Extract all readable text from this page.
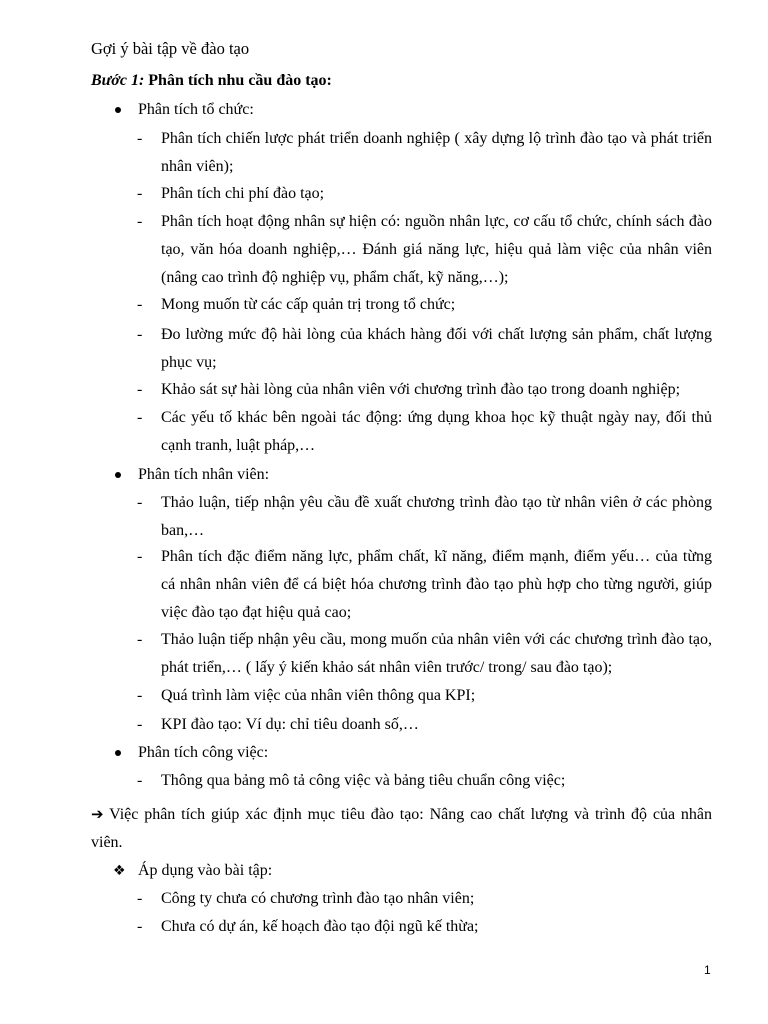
Gợi ý bài tập về đào tạo
Bước 1: Phân tích nhu cầu đào tạo:
Phân tích tổ chức:
- Phân tích chiến lược phát triển doanh nghiệp ( xây dựng lộ trình đào tạo và phát triển nhân viên);
- Phân tích chi phí đào tạo;
- Phân tích hoạt động nhân sự hiện có: nguồn nhân lực, cơ cấu tổ chức, chính sách đào tạo, văn hóa doanh nghiệp,… Đánh giá năng lực, hiệu quả làm việc của nhân viên (nâng cao trình độ nghiệp vụ, phẩm chất, kỹ năng,…);
- Mong muốn từ các cấp quản trị trong tổ chức;
- Đo lường mức độ hài lòng của khách hàng đối với chất lượng sản phẩm, chất lượng phục vụ;
- Khảo sát sự hài lòng của nhân viên với chương trình đào tạo trong doanh nghiệp;
- Các yếu tố khác bên ngoài tác động: ứng dụng khoa học kỹ thuật ngày nay, đối thủ cạnh tranh, luật pháp,…
Phân tích nhân viên:
- Thảo luận, tiếp nhận yêu cầu đề xuất chương trình đào tạo từ nhân viên ở các phòng ban,…
- Phân tích đặc điểm năng lực, phẩm chất, kĩ năng, điểm mạnh, điểm yếu… của từng cá nhân nhân viên để cá biệt hóa chương trình đào tạo phù hợp cho từng người, giúp việc đào tạo đạt hiệu quả cao;
- Thảo luận tiếp nhận yêu cầu, mong muốn của nhân viên với các chương trình đào tạo, phát triển,… ( lấy ý kiến khảo sát nhân viên trước/ trong/ sau đào tạo);
- Quá trình làm việc của nhân viên thông qua KPI;
- KPI đào tạo: Ví dụ: chỉ tiêu doanh số,…
Phân tích công việc:
- Thông qua bảng mô tả công việc và bảng tiêu chuẩn công việc;
➔ Việc phân tích giúp xác định mục tiêu đào tạo: Nâng cao chất lượng và trình độ của nhân viên.
❖ Áp dụng vào bài tập:
- Công ty chưa có chương trình đào tạo nhân viên;
- Chưa có dự án, kế hoạch đào tạo đội ngũ kế thừa;
1
